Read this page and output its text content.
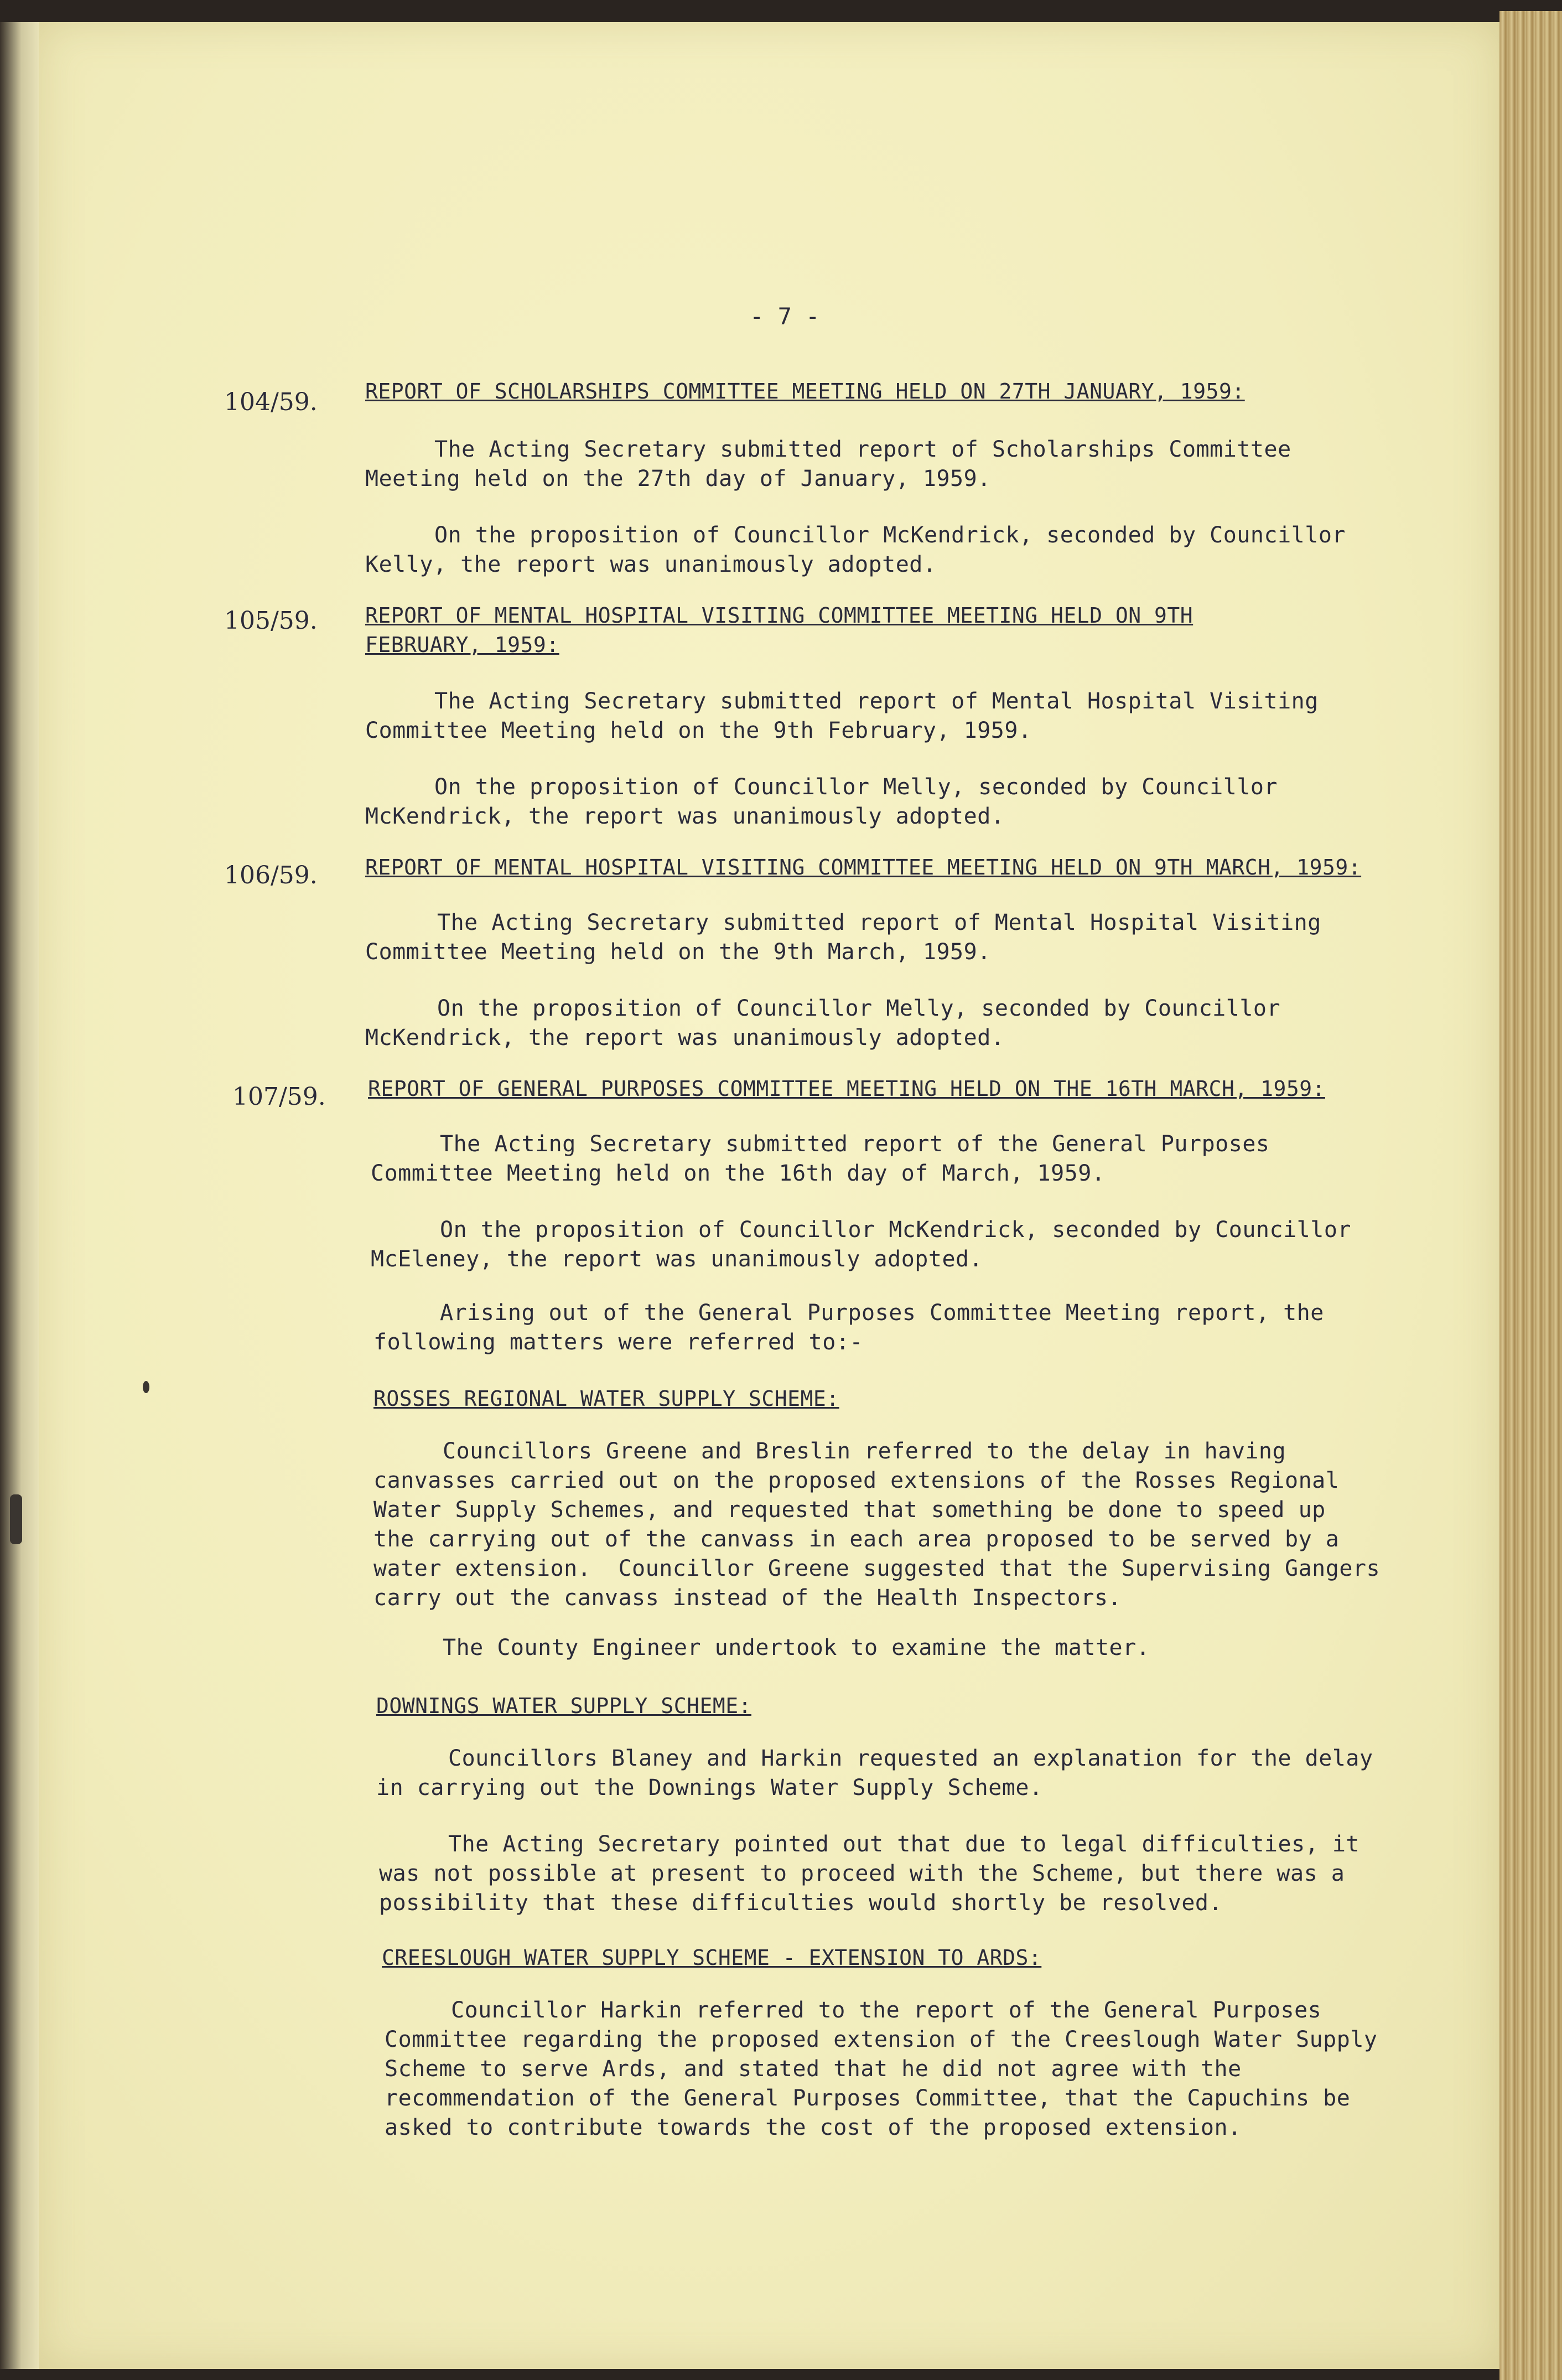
- 7 -
104/59. REPORT OF SCHOLARSHIPS COMMITTEE MEETING HELD ON 27TH JANUARY, 1959:
The Acting Secretary submitted report of Scholarships Committee
Meeting held on the 27th day of January, 1959.
On the proposition of Councillor McKendrick, seconded by Councillor
Kelly, the report was unanimously adopted.
105/59. REPORT OF MENTAL HOSPITAL VISITING COMMITTEE MEETING HELD ON 9TH
FEBRUARY, 1959:
The Acting Secretary submitted report of Mental Hospital Visiting
Committee Meeting held on the 9th February, 1959.
On the proposition of Councillor Melly, seconded by Councillor
McKendrick, the report was unanimously adopted.
106/59. REPORT OF MENTAL HOSPITAL VISITING COMMITTEE MEETING HELD ON 9TH MARCH, 1959:
The Acting Secretary submitted report of Mental Hospital Visiting
Committee Meeting held on the 9th March, 1959.
On the proposition of Councillor Melly, seconded by Councillor
McKendrick, the report was unanimously adopted.
107/59. REPORT OF GENERAL PURPOSES COMMITTEE MEETING HELD ON THE 16TH MARCH, 1959:
The Acting Secretary submitted report of the General Purposes
Committee Meeting held on the 16th day of March, 1959.
On the proposition of Councillor McKendrick, seconded by Councillor
McEleney, the report was unanimously adopted.
Arising out of the General Purposes Committee Meeting report, the
following matters were referred to:-
ROSSES REGIONAL WATER SUPPLY SCHEME:
Councillors Greene and Breslin referred to the delay in having
canvasses carried out on the proposed extensions of the Rosses Regional
Water Supply Schemes, and requested that something be done to speed up
the carrying out of the canvass in each area proposed to be served by a
water extension.  Councillor Greene suggested that the Supervising Gangers
carry out the canvass instead of the Health Inspectors.
The County Engineer undertook to examine the matter.
DOWNINGS WATER SUPPLY SCHEME:
Councillors Blaney and Harkin requested an explanation for the delay
in carrying out the Downings Water Supply Scheme.
The Acting Secretary pointed out that due to legal difficulties, it
was not possible at present to proceed with the Scheme, but there was a
possibility that these difficulties would shortly be resolved.
CREESLOUGH WATER SUPPLY SCHEME - EXTENSION TO ARDS:
Councillor Harkin referred to the report of the General Purposes
Committee regarding the proposed extension of the Creeslough Water Supply
Scheme to serve Ards, and stated that he did not agree with the
recommendation of the General Purposes Committee, that the Capuchins be
asked to contribute towards the cost of the proposed extension.
